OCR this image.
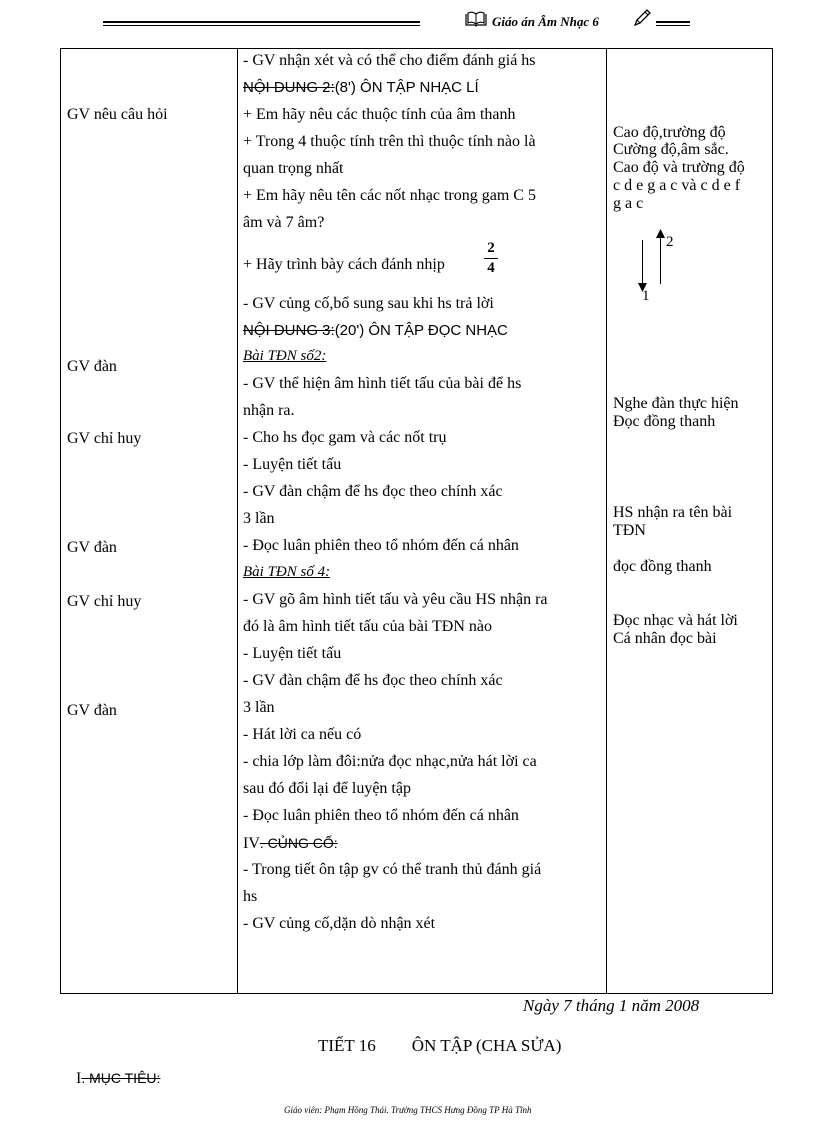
Giáo án Âm Nhạc 6
GV nêu câu hỏi
GV đàn
GV chỉ huy
GV đàn
GV chỉ huy
GV đàn
- GV nhận xét và có thể cho điểm đánh giá hs
NỘI DUNG 2:(8') ÔN TẬP NHẠC LÍ
+ Em hãy nêu các thuộc tính của âm thanh
+ Trong 4 thuộc tính trên thì thuộc tính nào là
quan trọng nhất
+ Em hãy nêu tên các nốt nhạc trong gam C 5
âm và 7 âm?
+ Hãy trình bày cách đánh nhịp
2
4
- GV củng cố,bổ sung sau khi hs trả lời
NỘI DUNG 3:(20') ÔN TẬP ĐỌC NHẠC
Bài TĐN số2:
- GV thể hiện âm hình tiết tấu của bài để hs
nhận ra.
- Cho hs đọc gam và các nốt trụ
- Luyện tiết tấu
- GV đàn chậm để hs đọc theo chính xác
3 lần
- Đọc luân phiên theo tổ nhóm đến cá nhân
Bài TĐN số 4:
- GV gõ âm hình tiết tấu và yêu cầu HS nhận ra
đó là âm hình tiết tấu của bài TĐN nào
- Luyện tiết tấu
- GV đàn chậm để hs đọc theo chính xác
3 lần
- Hát lời ca nếu có
- chia lớp làm đôi:nửa đọc nhạc,nửa hát lời ca
sau đó đổi lại để luyện tập
- Đọc luân phiên theo tổ nhóm đến cá nhân
IV. CỦNG CỐ:
- Trong tiết ôn tập gv có thể tranh thủ đánh giá
hs
- GV củng cố,dặn dò nhận xét
Cao độ,trường độ
Cường độ,âm sắc.
Cao độ và trường độ
c d e g a c và c d e f
g a c
2
1
Nghe đàn thực hiện
Đọc đồng thanh
HS nhận ra tên bài
TĐN
đọc đồng thanh
Đọc nhạc và hát lời
Cá nhân đọc bài
Ngày 7 tháng 1 năm 2008
TIẾT 16 ÔN TẬP (CHA SỬA)
I. MỤC TIÊU:
Giáo viên: Phạm Hồng Thái. Trường THCS Hưng Đồng TP Hà Tĩnh
